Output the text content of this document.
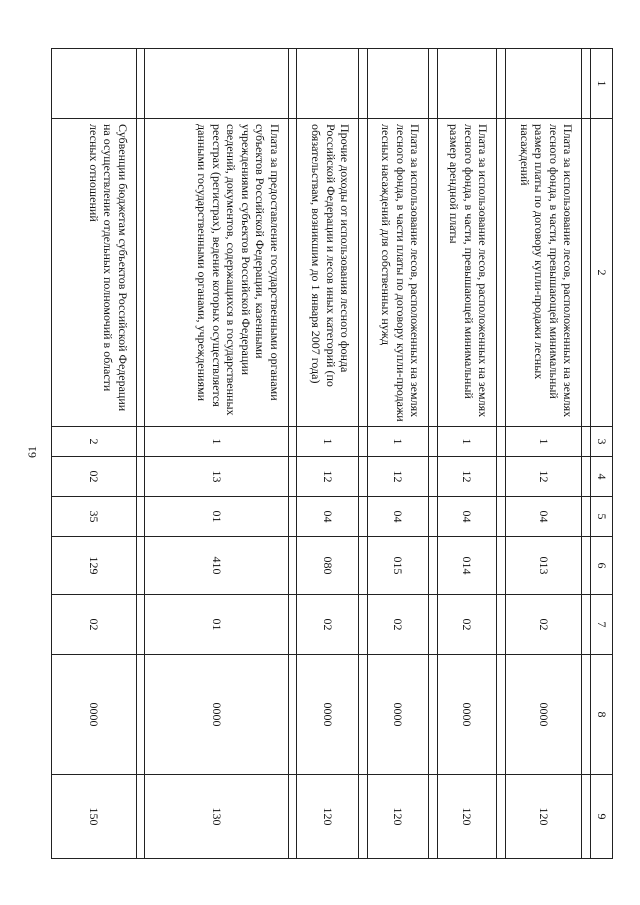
61
1	2	3	4	5	6	7	8	9

	Плата за использование лесов, расположенных на землях лесного фонда, в части, превышающей минимальный размер платы по договору купли-продажи лесных насаждений	1	12	04	013	02	0000	120

	Плата за использование лесов, расположенных на землях лесного фонда, в части, превышающей минимальный размер арендной платы	1	12	04	014	02	0000	120

	Плата за использование лесов, расположенных на землях лесного фонда, в части платы по договору купли-продажи лесных насаждений для собственных нужд	1	12	04	015	02	0000	120

	Прочие доходы от использования лесного фонда Российской Федерации и лесов иных категорий (по обязательствам, возникшим до 1 января 2007 года)	1	12	04	080	02	0000	120

	Плата за предоставление государственными органами субъектов Российской Федерации, казенными учреждениями субъектов Российской Федерации сведений, документов, содержащихся в государственных реестрах (регистрах), ведение которых осуществляется данными государственными органами, учреждениями	1	13	01	410	01	0000	130

	Субвенции бюджетам субъектов Российской Федерации на осуществление отдельных полномочий в области лесных отношений	2	02	35	129	02	0000	150
